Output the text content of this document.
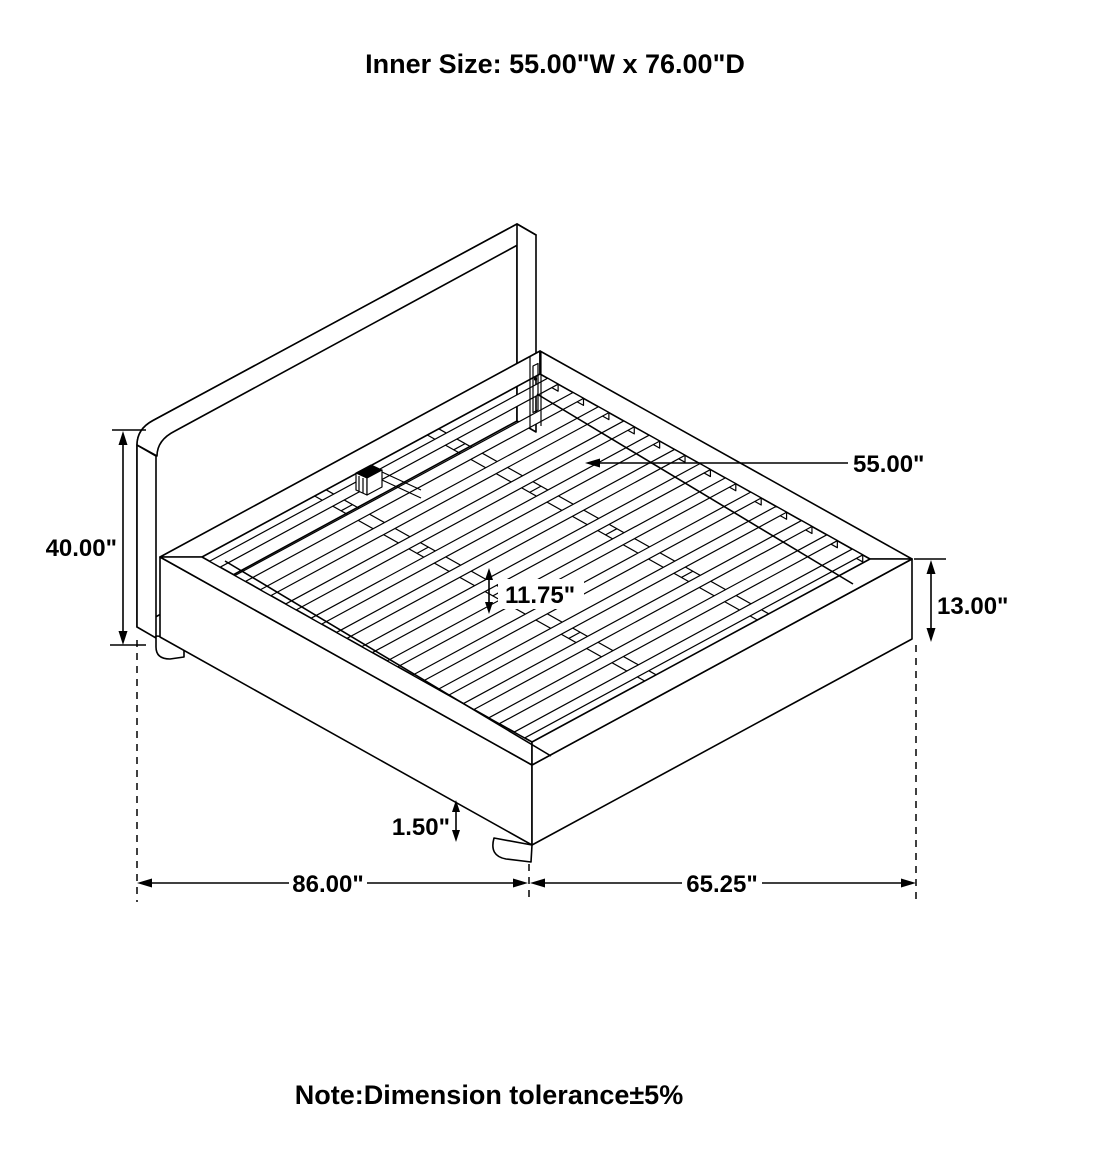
40.00"
55.00"
11.75"	13.00"
1.50"
86.00"	65.25"
Inner Size: 55.00"W x 76.00"D
Note:Dimension tolerance±5%
